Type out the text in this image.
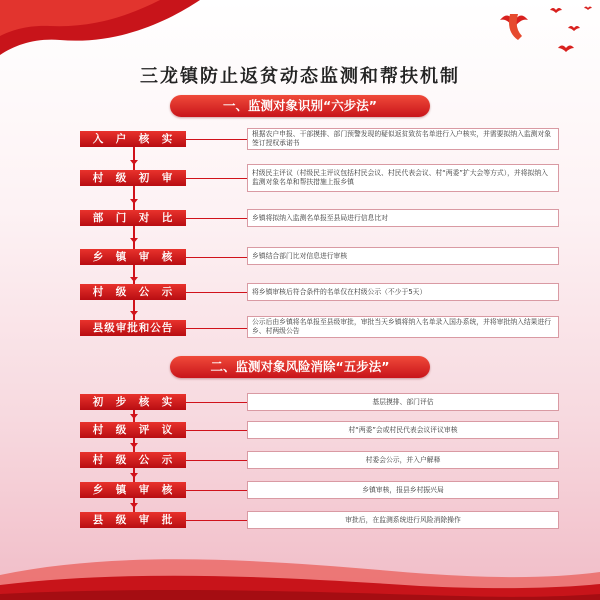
三龙镇防止返贫动态监测和帮扶机制
一、监测对象识别“六步法”
入　户　核　实	根据农户申报、干部摸排、部门预警发现的疑似返贫致贫名单进行入户核实，并需要拟纳入监测对象签订授权承诺书
村　级　初　审	村级民主评议（村级民主评议包括村民会议、村民代表会议、村“两委”扩大会等方式），并将拟纳入监测对象名单和帮扶措施上报乡镇
部　门　对　比	乡镇将拟纳入监测名单报至县局进行信息比对
乡　镇　审　核	乡镇结合部门比对信息进行审核
村　级　公　示	将乡镇审核后符合条件的名单仅在村级公示（不少于5天）
县级审批和公告	公示后由乡镇将名单报至县级审批，审批当天乡镇将纳入名单录入国办系统，并将审批纳入结果进行乡、村两级公告
二、监测对象风险消除“五步法”
初　步　核　实	基层摸排、部门评估
村　级　评　议	村“两委”会或村民代表会议评议审核
村　级　公　示	村委会公示，并入户解释
乡　镇　审　核	乡镇审核，报县乡村振兴局
县　级　审　批	审批后，在监测系统进行风险消除操作
